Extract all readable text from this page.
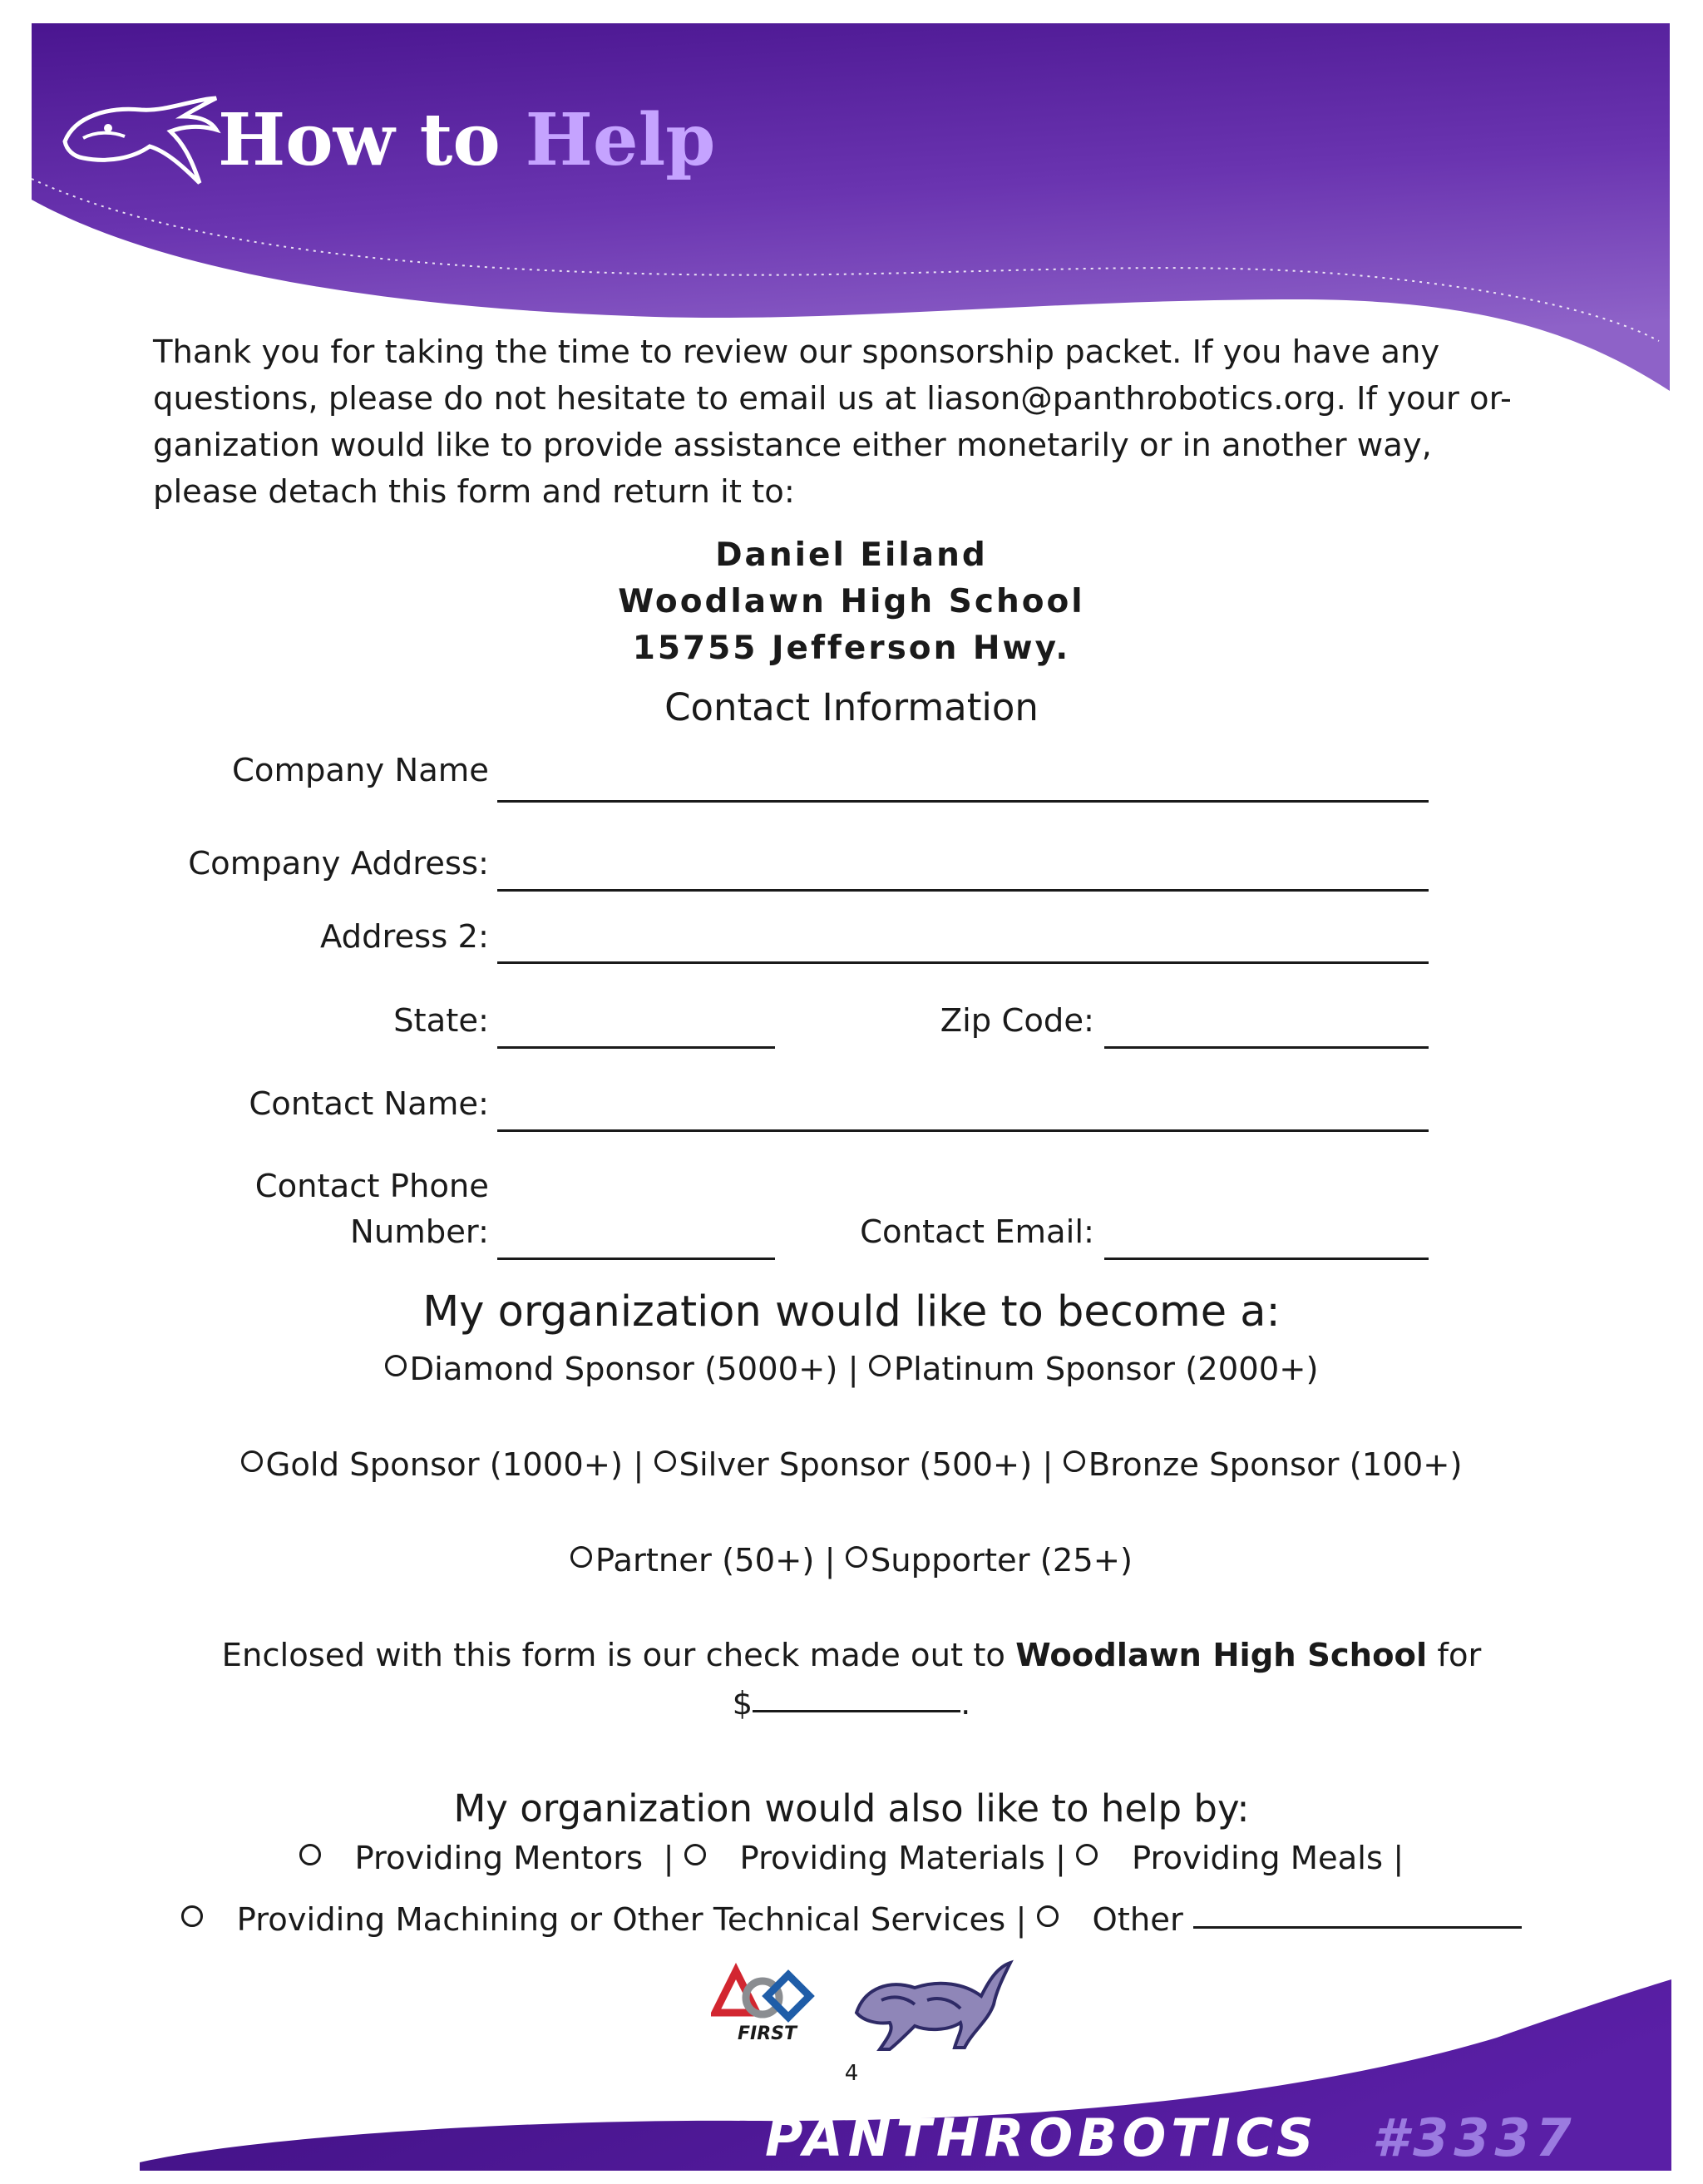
How to Help

Thank you for taking the time to review our sponsorship packet. If you have any

questions, please do not hesitate to email us at liason@panthrobotics.org. If your or-

ganization would like to provide assistance either monetarily or in another way,

please detach this form and return it to:

Daniel Eiland
Woodlawn High School
15755 Jefferson Hwy.
Contact Information
Company Name
Company Address:
Address 2:
State:	Zip Code:
Contact Name:
Contact Phone
Number:	Contact Email:
My organization would like to become a:
Diamond Sponsor (5000+) | Platinum Sponsor (2000+)
Gold Sponsor (1000+) | Silver Sponsor (500+) | Bronze Sponsor (100+)
Partner (50+) | Supporter (25+)
Enclosed with this form is our check made out to Woodlawn High School for
$	.
My organization would also like to help by:
Providing Mentors | Providing Materials | Providing Meals |
Providing Machining or Other Technical Services | Other
FIRST
4
PANTHROBOTICS #3337
